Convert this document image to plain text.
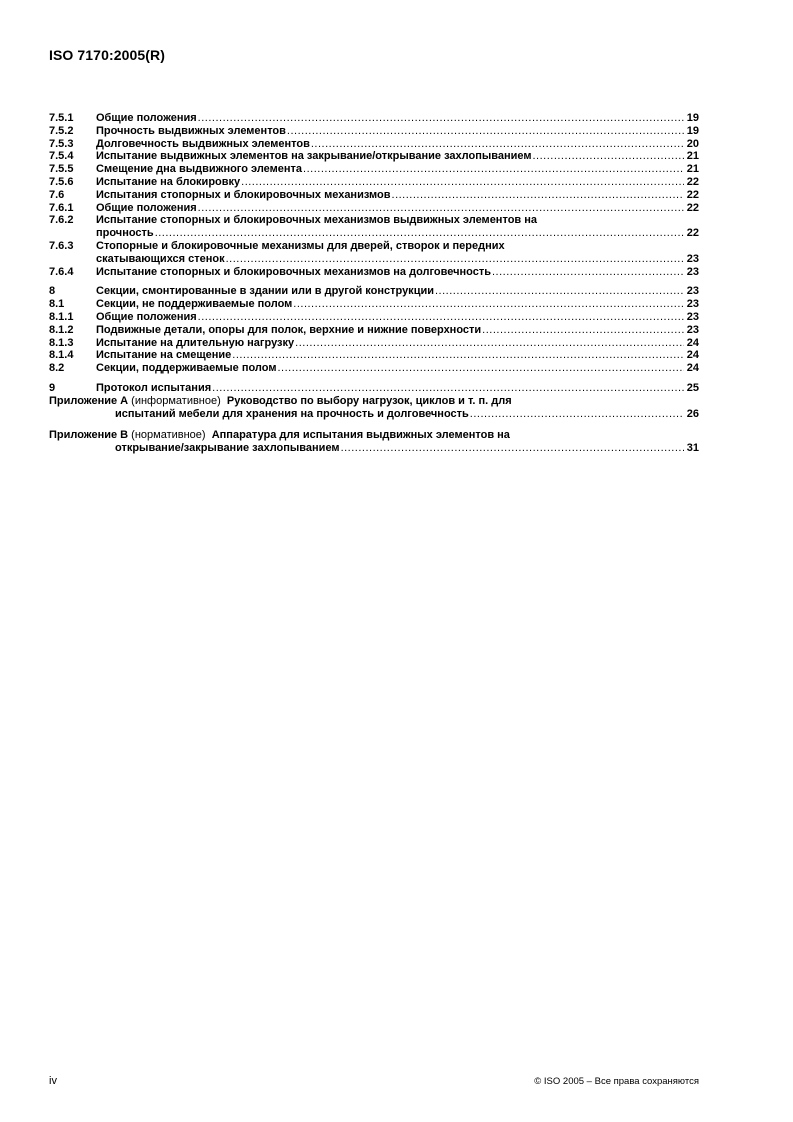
ISO 7170:2005(R)
7.5.1	Общие положения .....	19
7.5.2	Прочность выдвижных элементов .....	19
7.5.3	Долговечность выдвижных элементов .....	20
7.5.4	Испытание выдвижных элементов на закрывание/открывание захлопыванием .....	21
7.5.5	Смещение дна выдвижного элемента .....	21
7.5.6	Испытание на блокировку .....	22
7.6	Испытания стопорных и блокировочных механизмов .....	22
7.6.1	Общие положения .....	22
7.6.2	Испытание стопорных и блокировочных механизмов выдвижных элементов на
прочность .....	22
7.6.3	Стопорные и блокировочные механизмы для дверей, створок и передних
скатывающихся стенок .....	23
7.6.4	Испытание стопорных и блокировочных механизмов на долговечность .....	23
8	Секции, смонтированные в здании или в другой конструкции .....	23
8.1	Секции, не поддерживаемые полом .....	23
8.1.1	Общие положения .....	23
8.1.2	Подвижные детали, опоры для полок, верхние и нижние поверхности .....	23
8.1.3	Испытание на длительную нагрузку .....	24
8.1.4	Испытание на смещение .....	24
8.2	Секции, поддерживаемые полом .....	24
9	Протокол испытания .....	25
Приложение А (информативное) Руководство по выбору нагрузок, циклов и т. п. для
испытаний мебели для хранения на прочность и долговечность .....	26
Приложение В (нормативное) Аппаратура для испытания выдвижных элементов на
открывание/закрывание захлопыванием .....	31
iv	© ISO 2005 – Все права сохраняются
